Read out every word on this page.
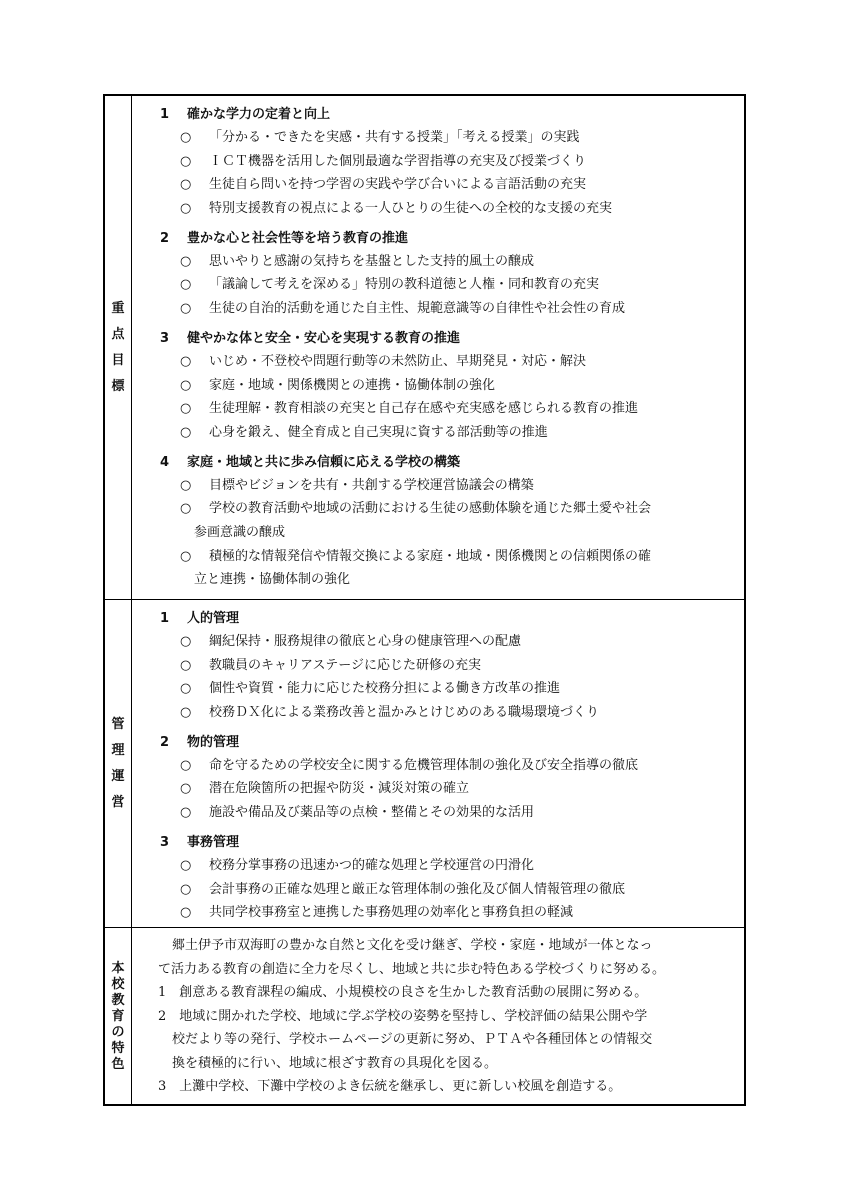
重
点
目
標
1 確かな学力の定着と向上
○ 「分かる・できたを実感・共有する授業」「考える授業」の実践
○ ＩＣＴ機器を活用した個別最適な学習指導の充実及び授業づくり
○ 生徒自ら問いを持つ学習の実践や学び合いによる言語活動の充実
○ 特別支援教育の視点による一人ひとりの生徒への全校的な支援の充実
2 豊かな心と社会性等を培う教育の推進
○ 思いやりと感謝の気持ちを基盤とした支持的風土の醸成
○ 「議論して考えを深める」特別の教科道徳と人権・同和教育の充実
○ 生徒の自治的活動を通じた自主性、規範意識等の自律性や社会性の育成
3 健やかな体と安全・安心を実現する教育の推進
○ いじめ・不登校や問題行動等の未然防止、早期発見・対応・解決
○ 家庭・地域・関係機関との連携・協働体制の強化
○ 生徒理解・教育相談の充実と自己存在感や充実感を感じられる教育の推進
○ 心身を鍛え、健全育成と自己実現に資する部活動等の推進
4 家庭・地域と共に歩み信頼に応える学校の構築
○ 目標やビジョンを共有・共創する学校運営協議会の構築
○ 学校の教育活動や地域の活動における生徒の感動体験を通じた郷土愛や社会
参画意識の醸成
○ 積極的な情報発信や情報交換による家庭・地域・関係機関との信頼関係の確
立と連携・協働体制の強化
管
理
運
営
1 人的管理
○ 綱紀保持・服務規律の徹底と心身の健康管理への配慮
○ 教職員のキャリアステージに応じた研修の充実
○ 個性や資質・能力に応じた校務分担による働き方改革の推進
○ 校務ＤＸ化による業務改善と温かみとけじめのある職場環境づくり
2 物的管理
○ 命を守るための学校安全に関する危機管理体制の強化及び安全指導の徹底
○ 潜在危険箇所の把握や防災・減災対策の確立
○ 施設や備品及び薬品等の点検・整備とその効果的な活用
3 事務管理
○ 校務分掌事務の迅速かつ的確な処理と学校運営の円滑化
○ 会計事務の正確な処理と厳正な管理体制の強化及び個人情報管理の徹底
○ 共同学校事務室と連携した事務処理の効率化と事務負担の軽減
本
校
教
育
の
特
色
郷土伊予市双海町の豊かな自然と文化を受け継ぎ、学校・家庭・地域が一体となっ
て活力ある教育の創造に全力を尽くし、地域と共に歩む特色ある学校づくりに努める。
1　創意ある教育課程の編成、小規模校の良さを生かした教育活動の展開に努める。
2　地域に開かれた学校、地域に学ぶ学校の姿勢を堅持し、学校評価の結果公開や学
校だより等の発行、学校ホームページの更新に努め、ＰＴＡや各種団体との情報交
換を積極的に行い、地域に根ざす教育の具現化を図る。
3　上灘中学校、下灘中学校のよき伝統を継承し、更に新しい校風を創造する。
